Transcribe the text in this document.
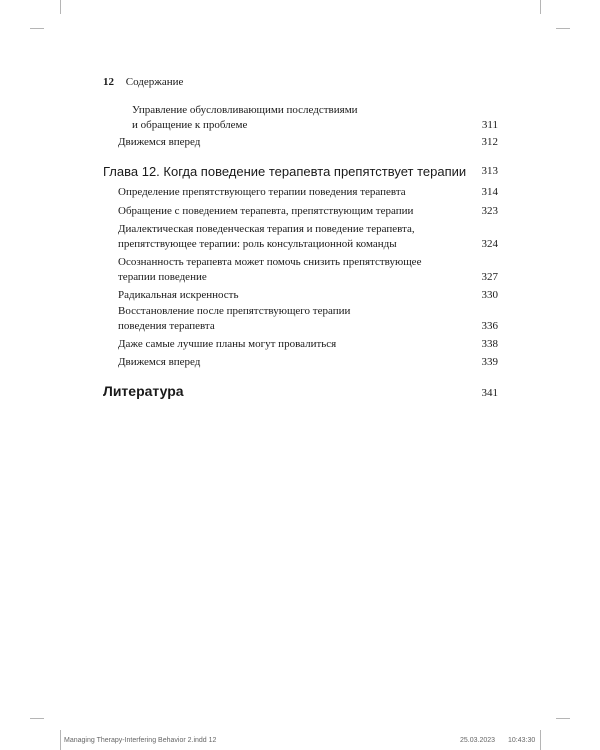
12 Содержание
Управление обусловливающими последствиями
и обращение к проблеме	311
Движемся вперед	312
Глава 12. Когда поведение терапевта препятствует терапии	313
Определение препятствующего терапии поведения терапевта	314
Обращение с поведением терапевта, препятствующим терапии	323
Диалектическая поведенческая терапия и поведение терапевта,
препятствующее терапии: роль консультационной команды	324
Осознанность терапевта может помочь снизить препятствующее
терапии поведение	327
Радикальная искренность	330
Восстановление после препятствующего терапии
поведения терапевта	336
Даже самые лучшие планы могут провалиться	338
Движемся вперед	339
Литература	341
Managing Therapy-Interfering Behavior 2.indd 12	25.03.2023 10:43:30
